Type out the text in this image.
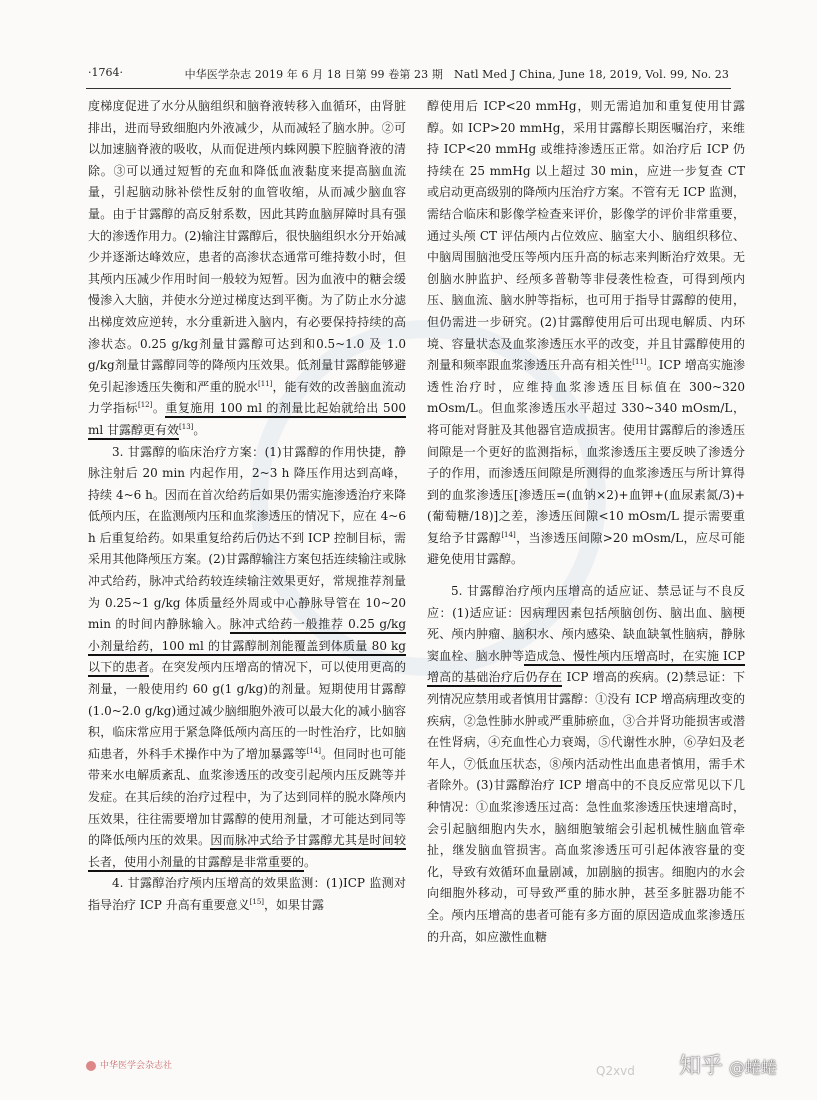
·1764·	中华医学杂志 2019 年 6 月 18 日第 99 卷第 23 期　Natl Med J China, June 18, 2019, Vol. 99, No. 23

度梯度促进了水分从脑组织和脑脊液转移入血循环，由肾脏排出，进而导致细胞内外液减少，从而减轻了脑水肿。②可以加速脑脊液的吸收，从而促进颅内蛛网膜下腔脑脊液的清除。③可以通过短暂的充血和降低血液黏度来提高脑血流量，引起脑动脉补偿性反射的血管收缩，从而减少脑血容量。由于甘露醇的高反射系数，因此其跨血脑屏障时具有强大的渗透作用力。(2)输注甘露醇后，很快脑组织水分开始减少并逐渐达峰效应，患者的高渗状态通常可维持数小时，但其颅内压减少作用时间一般较为短暂。因为血液中的糖会缓慢渗入大脑，并使水分逆过梯度达到平衡。为了防止水分滤出梯度效应逆转，水分重新进入脑内，有必要保持持续的高渗状态。0.25 g/kg剂量甘露醇可达到和0.5~1.0 及 1.0 g/kg剂量甘露醇同等的降颅内压效果。低剂量甘露醇能够避免引起渗透压失衡和严重的脱水[11]，能有效的改善脑血流动力学指标[12]。重复施用 100 ml 的剂量比起始就给出 500 ml 甘露醇更有效[13]。

3. 甘露醇的临床治疗方案：(1)甘露醇的作用快捷，静脉注射后 20 min 内起作用，2~3 h 降压作用达到高峰，持续 4~6 h。因而在首次给药后如果仍需实施渗透治疗来降低颅内压，在监测颅内压和血浆渗透压的情况下，应在 4~6 h 后重复给药。如果重复给药后仍达不到 ICP 控制目标，需采用其他降颅压方案。(2)甘露醇输注方案包括连续输注或脉冲式给药，脉冲式给药较连续输注效果更好，常规推荐剂量为 0.25~1 g/kg 体质量经外周或中心静脉导管在 10~20 min 的时间内静脉输入。脉冲式给药一般推荐 0.25 g/kg 小剂量给药，100 ml 的甘露醇制剂能覆盖到体质量 80 kg 以下的患者。在突发颅内压增高的情况下，可以使用更高的剂量，一般使用约 60 g(1 g/kg)的剂量。短期使用甘露醇(1.0~2.0 g/kg)通过减少脑细胞外液可以最大化的减小脑容积，临床常应用于紧急降低颅内高压的一时性治疗，比如脑疝患者，外科手术操作中为了增加暴露等[14]。但同时也可能带来水电解质紊乱、血浆渗透压的改变引起颅内压反跳等并发症。在其后续的治疗过程中，为了达到同样的脱水降颅内压效果，往往需要增加甘露醇的使用剂量，才可能达到同等的降低颅内压的效果。因而脉冲式给予甘露醇尤其是时间较长者，使用小剂量的甘露醇是非常重要的。

4. 甘露醇治疗颅内压增高的效果监测：(1)ICP 监测对指导治疗 ICP 升高有重要意义[15]，如果甘露

醇使用后 ICP<20 mmHg，则无需追加和重复使用甘露醇。如 ICP>20 mmHg，采用甘露醇长期医嘱治疗，来维持 ICP<20 mmHg 或维持渗透压正常。如治疗后 ICP 仍持续在 25 mmHg 以上超过 30 min，应进一步复查 CT 或启动更高级别的降颅内压治疗方案。不管有无 ICP 监测，需结合临床和影像学检查来评价，影像学的评价非常重要，通过头颅 CT 评估颅内占位效应、脑室大小、脑组织移位、中脑周围脑池受压等颅内压升高的标志来判断治疗效果。无创脑水肿监护、经颅多普勒等非侵袭性检查，可得到颅内压、脑血流、脑水肿等指标，也可用于指导甘露醇的使用，但仍需进一步研究。(2)甘露醇使用后可出现电解质、内环境、容量状态及血浆渗透压水平的改变，并且甘露醇使用的剂量和频率跟血浆渗透压升高有相关性[11]。ICP 增高实施渗透性治疗时，应维持血浆渗透压目标值在 300~320 mOsm/L。但血浆渗透压水平超过 330~340 mOsm/L，将可能对肾脏及其他器官造成损害。使用甘露醇后的渗透压间隙是一个更好的监测指标，血浆渗透压主要反映了渗透分子的作用，而渗透压间隙是所测得的血浆渗透压与所计算得到的血浆渗透压[渗透压=(血钠×2)+血钾+(血尿素氮/3)+(葡萄糖/18)]之差，渗透压间隙<10 mOsm/L 提示需要重复给予甘露醇[14]，当渗透压间隙>20 mOsm/L，应尽可能避免使用甘露醇。

5. 甘露醇治疗颅内压增高的适应证、禁忌证与不良反应：(1)适应证：因病理因素包括颅脑创伤、脑出血、脑梗死、颅内肿瘤、脑积水、颅内感染、缺血缺氧性脑病，静脉窦血栓、脑水肿等造成急、慢性颅内压增高时，在实施 ICP 增高的基础治疗后仍存在 ICP 增高的疾病。(2)禁忌证：下列情况应禁用或者慎用甘露醇：①没有 ICP 增高病理改变的疾病，②急性肺水肿或严重肺瘀血，③合并肾功能损害或潜在性肾病，④充血性心力衰竭，⑤代谢性水肿，⑥孕妇及老年人，⑦低血压状态，⑧颅内活动性出血患者慎用，需手术者除外。(3)甘露醇治疗 ICP 增高中的不良反应常见以下几种情况：①血浆渗透压过高：急性血浆渗透压快速增高时，会引起脑细胞内失水，脑细胞皱缩会引起机械性脑血管牵扯，继发脑血管损害。高血浆渗透压可引起体液容量的变化，导致有效循环血量剧减，加剧脑的损害。细胞内的水会向细胞外移动，可导致严重的肺水肿，甚至多脏器功能不全。颅内压增高的患者可能有多方面的原因造成血浆渗透压的升高，如应激性血糖

中华医学会杂志社	Q2xvd 知乎 @蜷蜷
